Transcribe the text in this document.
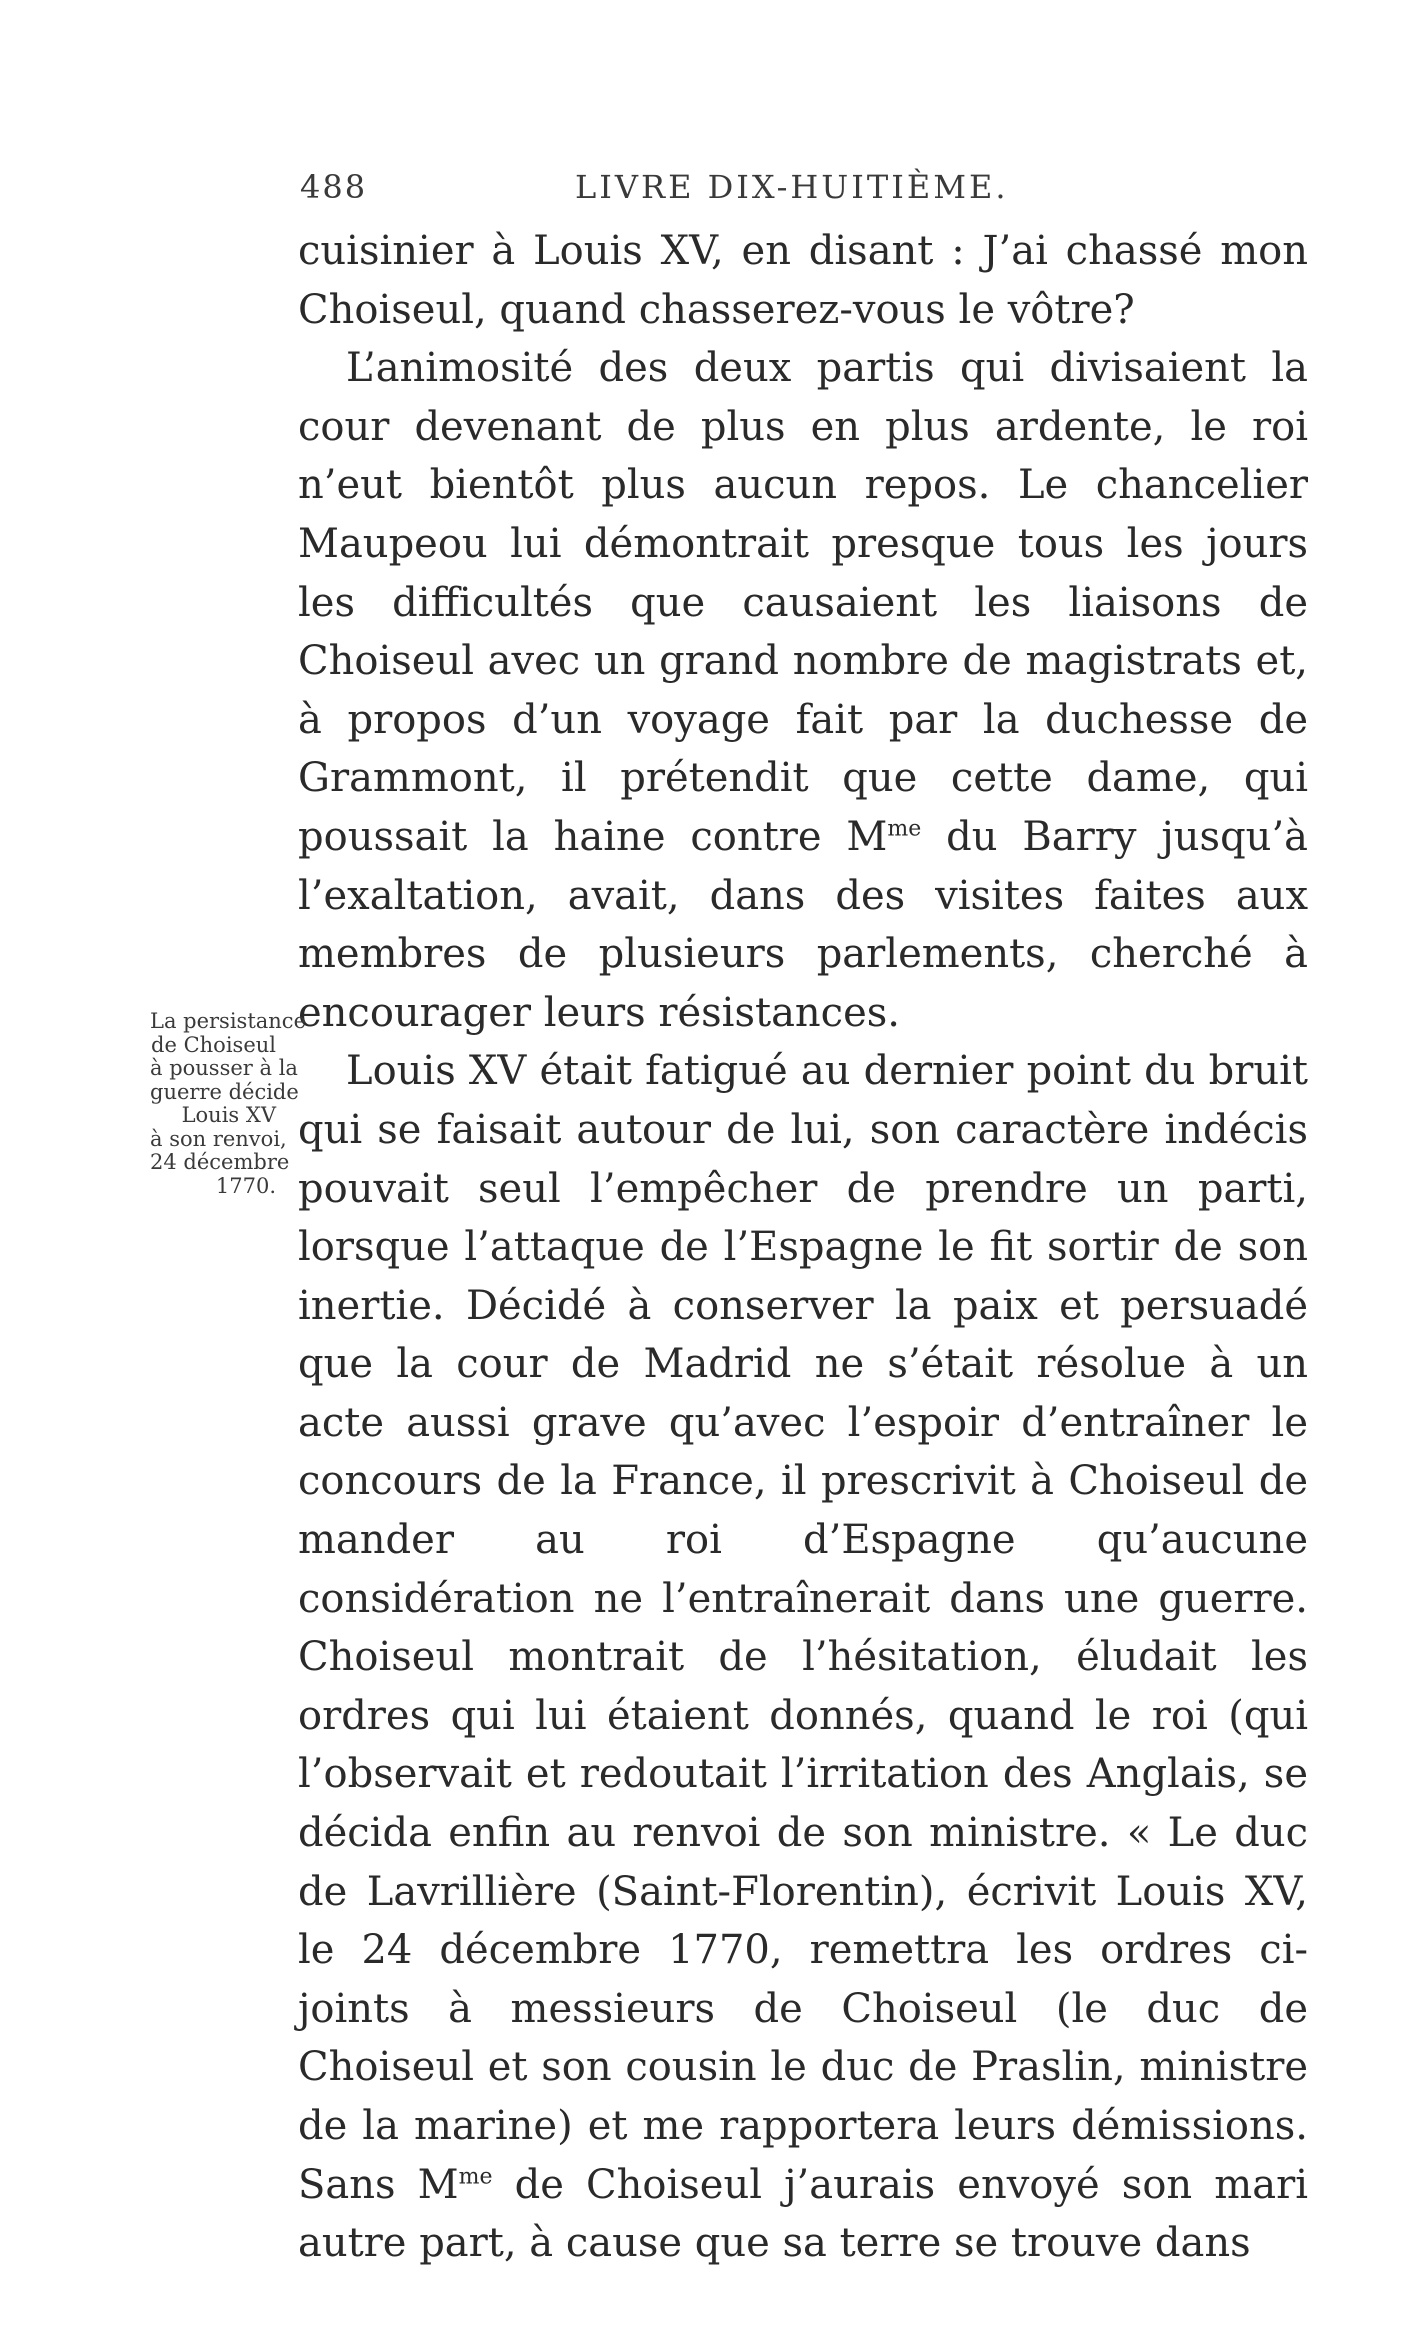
488	LIVRE DIX-HUITIÈME.

cuisinier à Louis XV, en disant : J’ai chassé mon Choiseul, quand chasserez-vous le vôtre?

L’animosité des deux partis qui divisaient la cour devenant de plus en plus ardente, le roi n’eut bientôt plus aucun repos. Le chancelier Maupeou lui démontrait presque tous les jours les difficultés que causaient les liaisons de Choiseul avec un grand nombre de magistrats et, à propos d’un voyage fait par la duchesse de Grammont, il prétendit que cette dame, qui poussait la haine contre $M^{me}$ du Barry jusqu’à l’exaltation, avait, dans des visites faites aux membres de plusieurs parlements, cherché à encourager leurs résistances.

Louis XV était fatigué au dernier point du bruit qui se faisait autour de lui, son caractère indécis pouvait seul l’empêcher de prendre un parti, lorsque l’attaque de l’Espagne le fit sortir de son inertie. Décidé à conserver la paix et persuadé que la cour de Madrid ne s’était résolue à un acte aussi grave qu’avec l’espoir d’entraîner le concours de la France, il prescrivit à Choiseul de mander au roi d’Espagne qu’aucune considération ne l’entraînerait dans une guerre. Choiseul montrait de l’hésitation, éludait les ordres qui lui étaient donnés, quand le roi (qui l’observait et redoutait l’irritation des Anglais, se décida enfin au renvoi de son ministre. « Le duc de Lavrillière (Saint-Florentin), écrivit Louis XV, le 24 décembre 1770, remettra les ordres ci-joints à messieurs de Choiseul (le duc de Choiseul et son cousin le duc de Praslin, ministre de la marine) et me rapportera leurs démissions. Sans $M^{me}$ de Choiseul j’aurais envoyé son mari autre part, à cause que sa terre se trouve dans

La persistance
de Choiseul
à pousser à la
guerre décide
Louis XV
à son renvoi,
24 décembre
1770.
